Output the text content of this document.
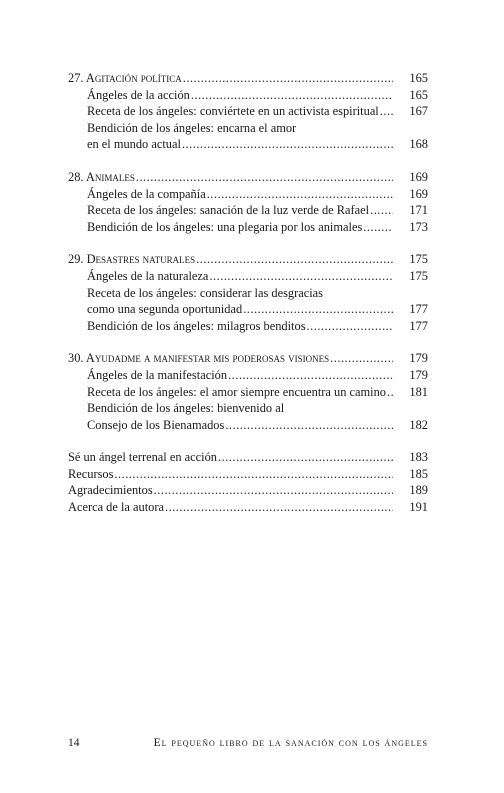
27. Agitación política .....	165
Ángeles de la acción .....	165
Receta de los ángeles: conviértete en un activista espiritual .....	167
Bendición de los ángeles: encarna el amor
en el mundo actual .....	168
28. Animales .....	169
Ángeles de la compañía .....	169
Receta de los ángeles: sanación de la luz verde de Rafael .....	171
Bendición de los ángeles: una plegaria por los animales .....	173
29. Desastres naturales .....	175
Ángeles de la naturaleza .....	175
Receta de los ángeles: considerar las desgracias
como una segunda oportunidad .....	177
Bendición de los ángeles: milagros benditos .....	177
30. Ayudadme a manifestar mis poderosas visiones .....	179
Ángeles de la manifestación .....	179
Receta de los ángeles: el amor siempre encuentra un camino .....	181
Bendición de los ángeles: bienvenido al
Consejo de los Bienamados .....	182
Sé un ángel terrenal en acción .....	183
Recursos .....	185
Agradecimientos .....	189
Acerca de la autora .....	191
14	El pequeño libro de la sanación con los ángeles
